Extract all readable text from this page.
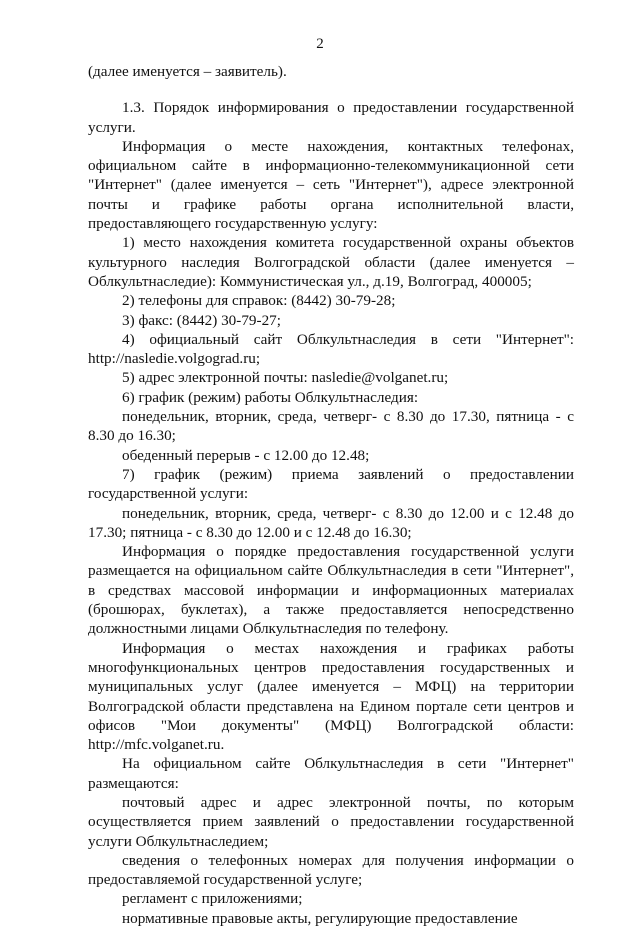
2

(далее именуется – заявитель).

1.3. Порядок информирования о предоставлении государственной услуги.

Информация о месте нахождения, контактных телефонах, официальном сайте в информационно-телекоммуникационной сети "Интернет" (далее именуется – сеть "Интернет"), адресе электронной почты и графике работы органа исполнительной власти, предоставляющего государственную услугу:

1) место нахождения комитета государственной охраны объектов культурного наследия Волгоградской области (далее именуется – Облкультнаследие): Коммунистическая ул., д.19, Волгоград, 400005;

2) телефоны для справок: (8442) 30-79-28;

3) факс: (8442) 30-79-27;

4) официальный сайт Облкультнаследия в сети "Интернет": http://nasledie.volgograd.ru;

5) адрес электронной почты: nasledie@volganet.ru;

6) график (режим) работы Облкультнаследия:

понедельник, вторник, среда, четверг- с 8.30 до 17.30, пятница - с 8.30 до 16.30;

обеденный перерыв - с 12.00 до 12.48;

7) график (режим) приема заявлений о предоставлении государственной услуги:

понедельник, вторник, среда, четверг- с 8.30 до 12.00 и с 12.48 до 17.30; пятница - с 8.30 до 12.00 и с 12.48 до 16.30;

Информация о порядке предоставления государственной услуги размещается на официальном сайте Облкультнаследия в сети "Интернет", в средствах массовой информации и информационных материалах (брошюрах, буклетах), а также предоставляется непосредственно должностными лицами Облкультнаследия по телефону.

Информация о местах нахождения и графиках работы многофункциональных центров предоставления государственных и муниципальных услуг (далее именуется – МФЦ) на территории Волгоградской области представлена на Едином портале сети центров и офисов "Мои документы" (МФЦ) Волгоградской области: http://mfc.volganet.ru.

На официальном сайте Облкультнаследия в сети "Интернет" размещаются:

почтовый адрес и адрес электронной почты, по которым осуществляется прием заявлений о предоставлении государственной услуги Облкультнаследием;

сведения о телефонных номерах для получения информации о предоставляемой государственной услуге;

регламент с приложениями;

нормативные правовые акты, регулирующие предоставление
